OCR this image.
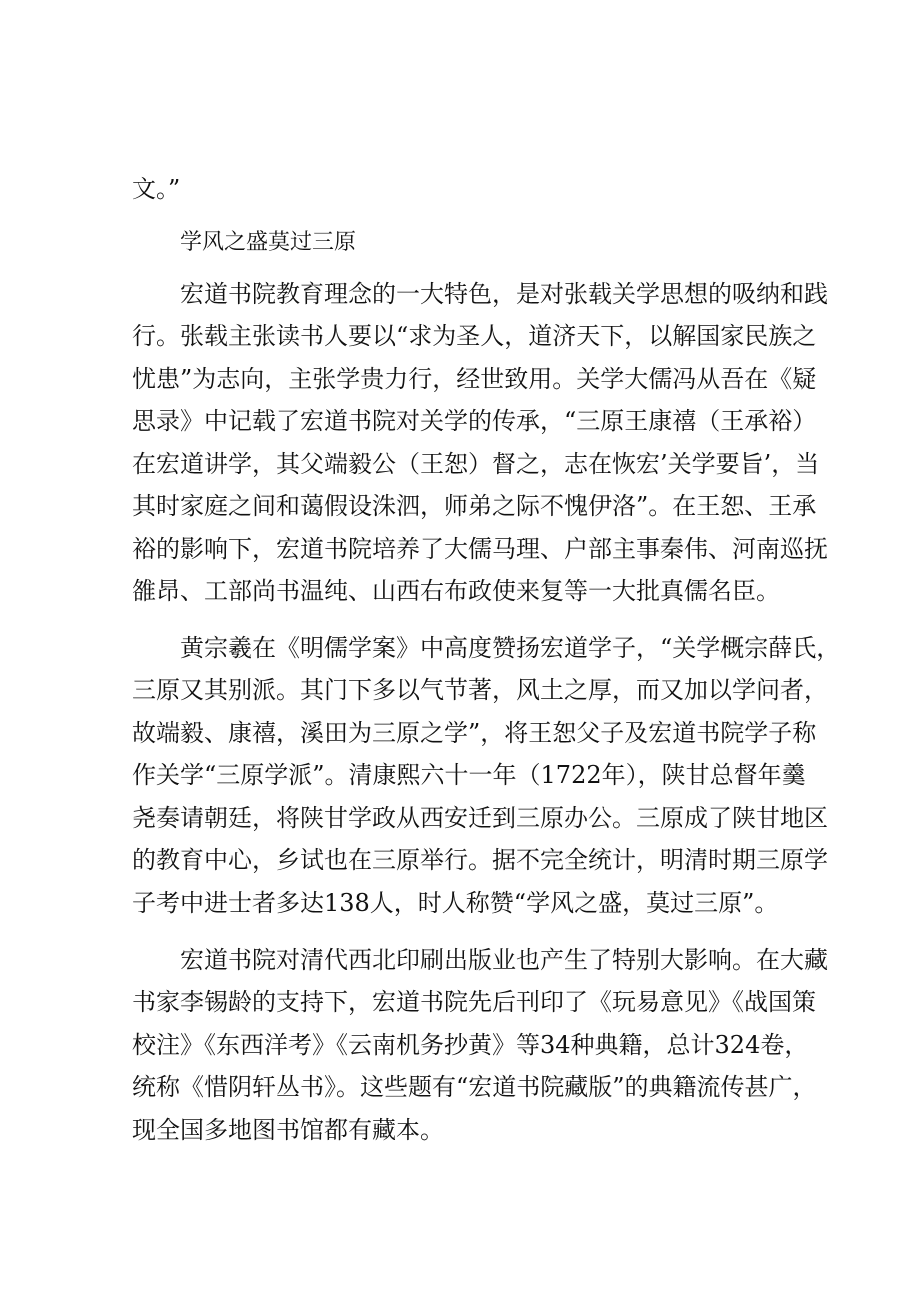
文。”
学风之盛莫过三原
宏道书院教育理念的一大特色，是对张载关学思想的吸纳和践
行。张载主张读书人要以“求为圣人，道济天下，以解国家民族之
忧患”为志向，主张学贵力行，经世致用。关学大儒冯从吾在《疑
思录》中记载了宏道书院对关学的传承，“三原王康禧（王承裕）
在宏道讲学，其父端毅公（王恕）督之，志在恢宏’关学要旨’，当
其时家庭之间和蔼假设洙泗，师弟之际不愧伊洛”。在王恕、王承
裕的影响下，宏道书院培养了大儒马理、户部主事秦伟、河南巡抚
雒昂、工部尚书温纯、山西右布政使来复等一大批真儒名臣。
黄宗羲在《明儒学案》中高度赞扬宏道学子，“关学概宗薛氏，
三原又其别派。其门下多以气节著，风土之厚，而又加以学问者，
故端毅、康禧，溪田为三原之学”，将王恕父子及宏道书院学子称
作关学“三原学派”。清康熙六十一年（1722年），陕甘总督年羹
尧奏请朝廷，将陕甘学政从西安迁到三原办公。三原成了陕甘地区
的教育中心，乡试也在三原举行。据不完全统计，明清时期三原学
子考中进士者多达138人，时人称赞“学风之盛，莫过三原”。
宏道书院对清代西北印刷出版业也产生了特别大影响。在大藏
书家李锡龄的支持下，宏道书院先后刊印了《玩易意见》《战国策
校注》《东西洋考》《云南机务抄黄》等34种典籍，总计324卷，
统称《惜阴轩丛书》。这些题有“宏道书院藏版”的典籍流传甚广，
现全国多地图书馆都有藏本。
